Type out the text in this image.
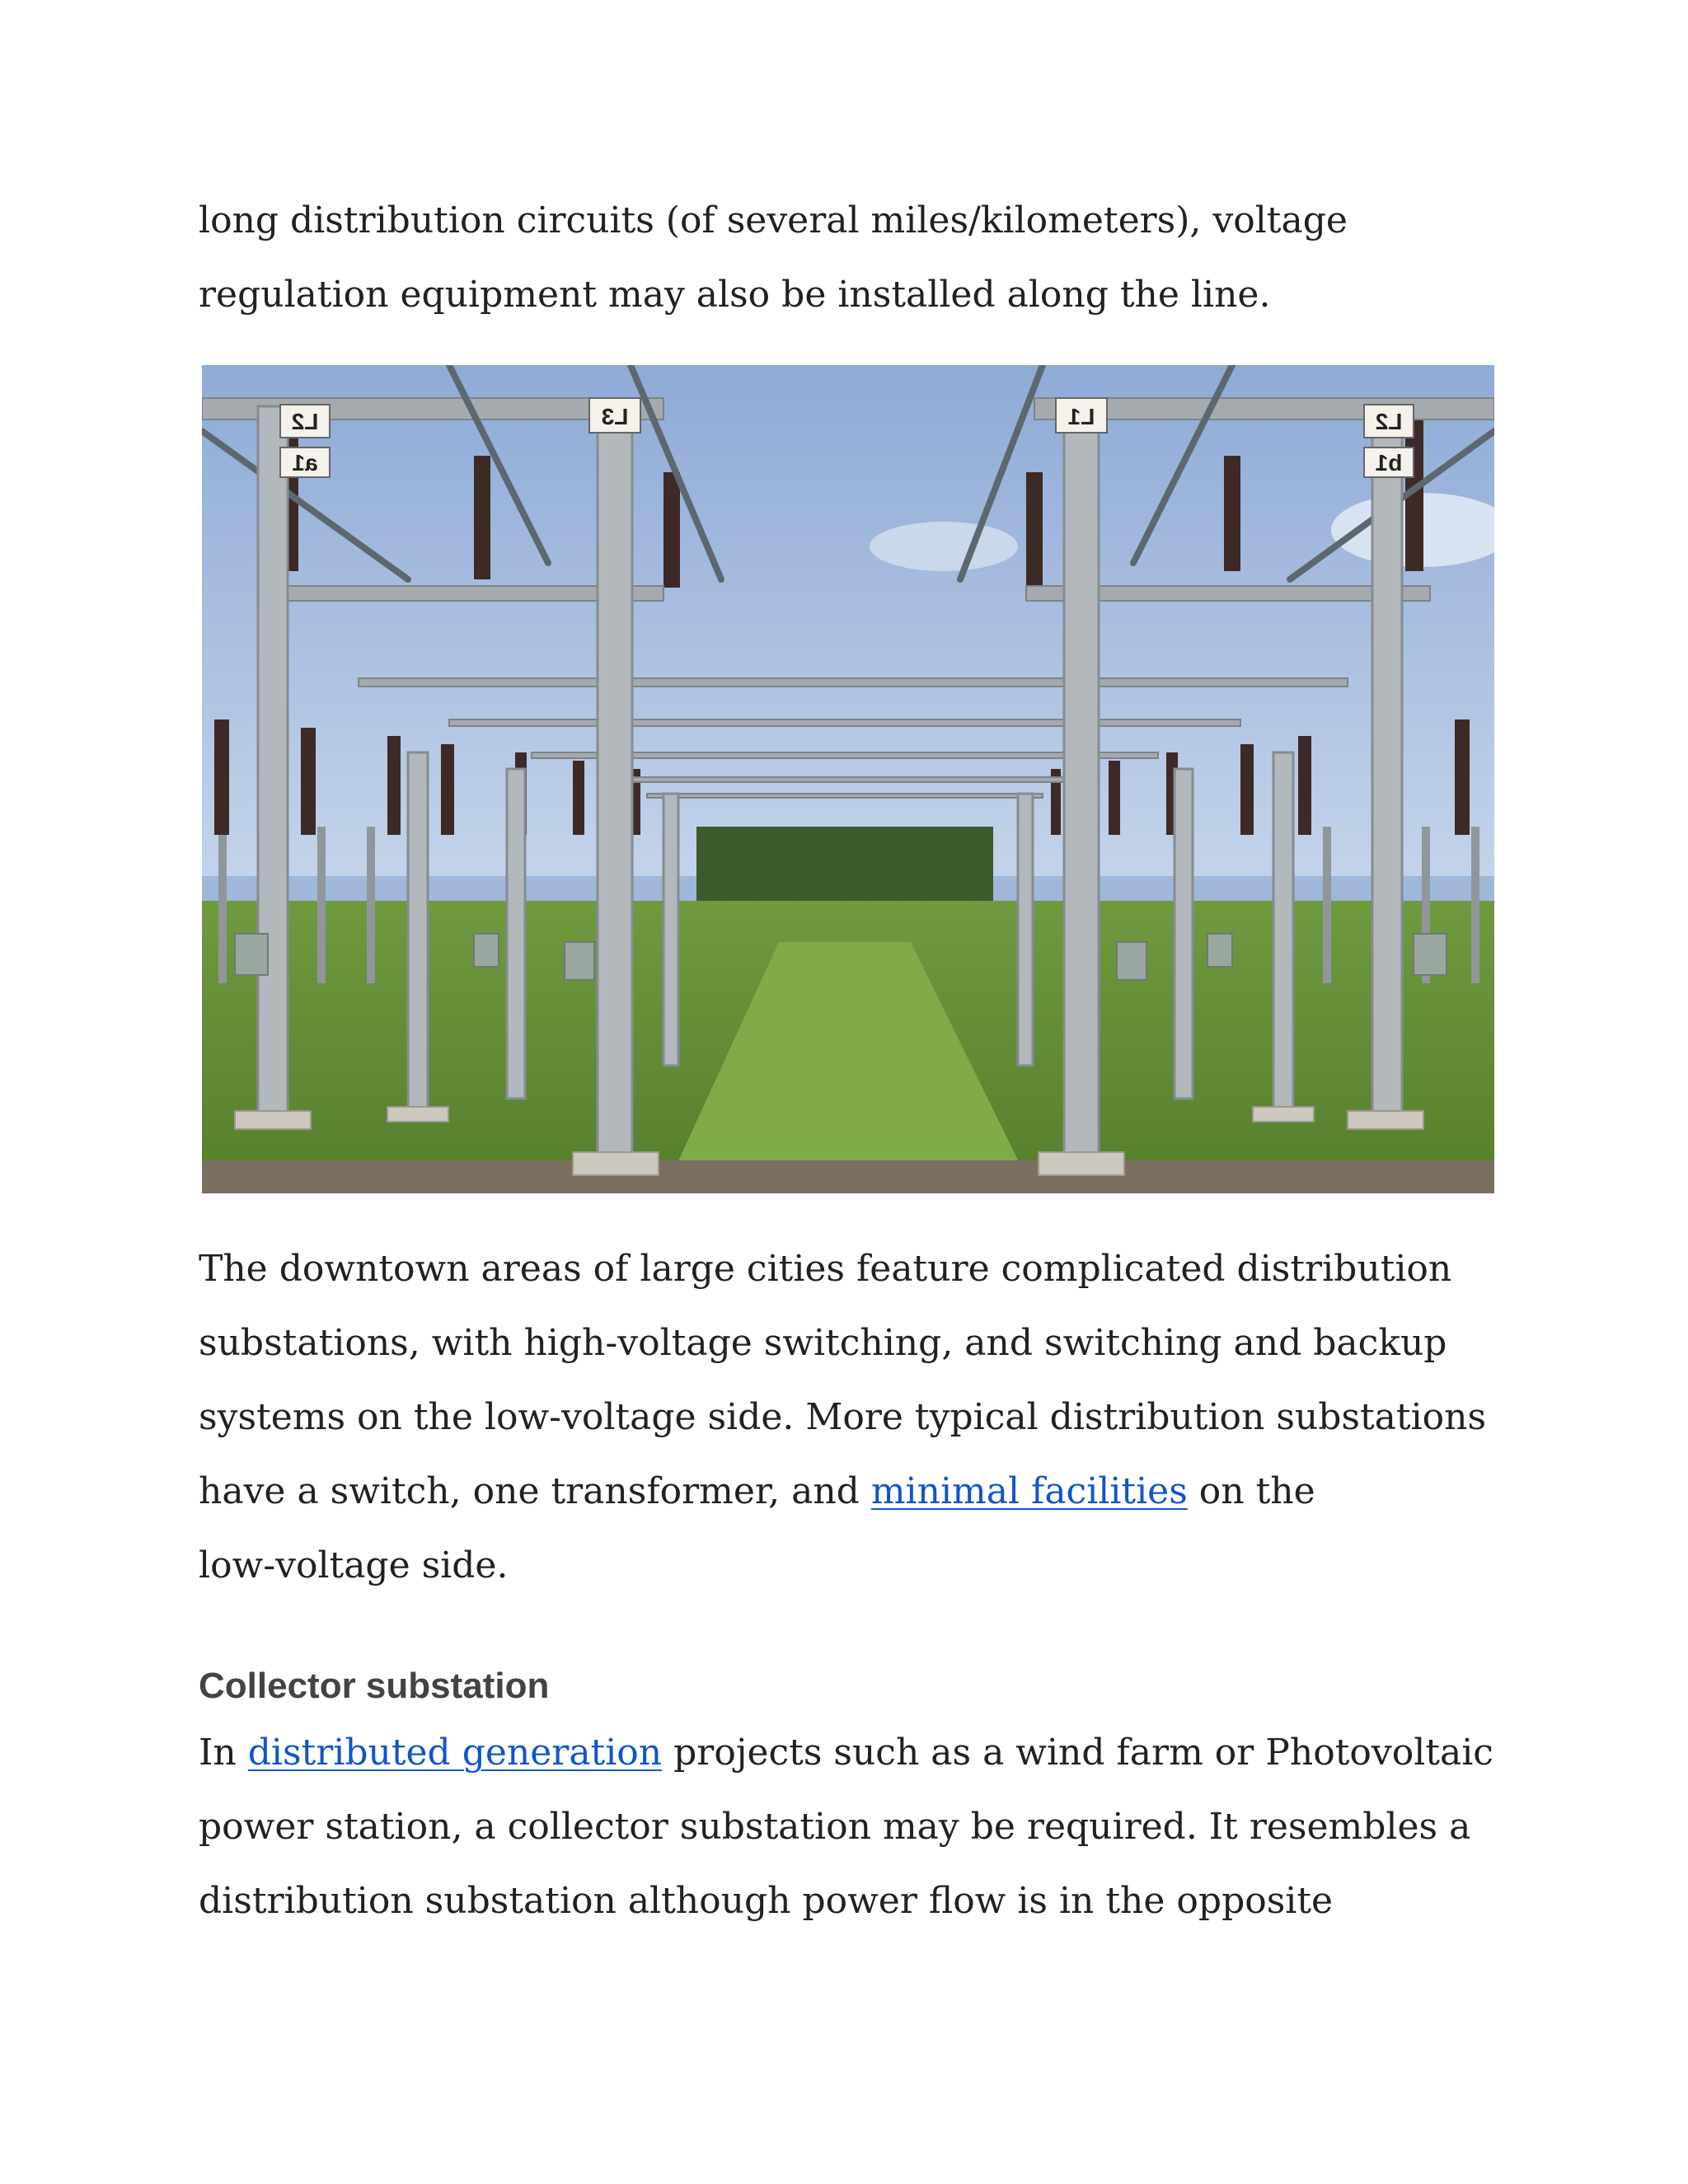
long distribution circuits (of several miles/kilometers), voltage
regulation equipment may also be installed along the line.

L2
a1
L3	L1	L2
b1

The downtown areas of large cities feature complicated distribution
substations, with high-voltage switching, and switching and backup
systems on the low-voltage side. More typical distribution substations
have a switch, one transformer, and minimal facilities on the
low-voltage side.

Collector substation

In distributed generation projects such as a wind farm or Photovoltaic
power station, a collector substation may be required. It resembles a
distribution substation although power flow is in the opposite
